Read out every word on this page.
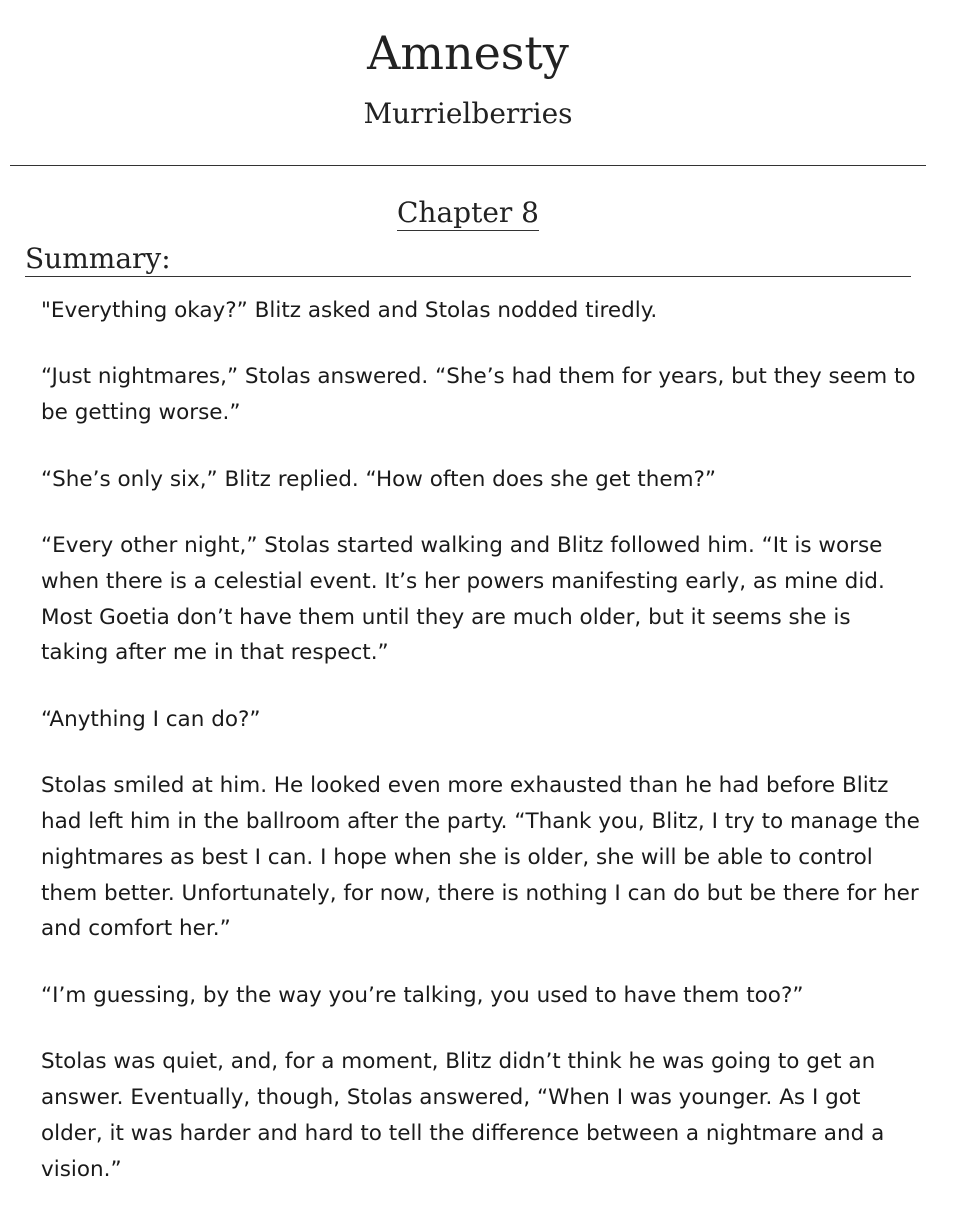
Amnesty
Murrielberries
Chapter 8
Summary:

"Everything okay?” Blitz asked and Stolas nodded tiredly.

“Just nightmares,” Stolas answered. “She’s had them for years, but they seem to be getting worse.”

“She’s only six,” Blitz replied. “How often does she get them?”

“Every other night,” Stolas started walking and Blitz followed him. “It is worse when there is a celestial event. It’s her powers manifesting early, as mine did. Most Goetia don’t have them until they are much older, but it seems she is taking after me in that respect.”

“Anything I can do?”

Stolas smiled at him. He looked even more exhausted than he had before Blitz had left him in the ballroom after the party. “Thank you, Blitz, I try to manage the nightmares as best I can. I hope when she is older, she will be able to control them better. Unfortunately, for now, there is nothing I can do but be there for her and comfort her.”

“I’m guessing, by the way you’re talking, you used to have them too?”

Stolas was quiet, and, for a moment, Blitz didn’t think he was going to get an answer. Eventually, though, Stolas answered, “When I was younger. As I got older, it was harder and hard to tell the difference between a nightmare and a vision.”
